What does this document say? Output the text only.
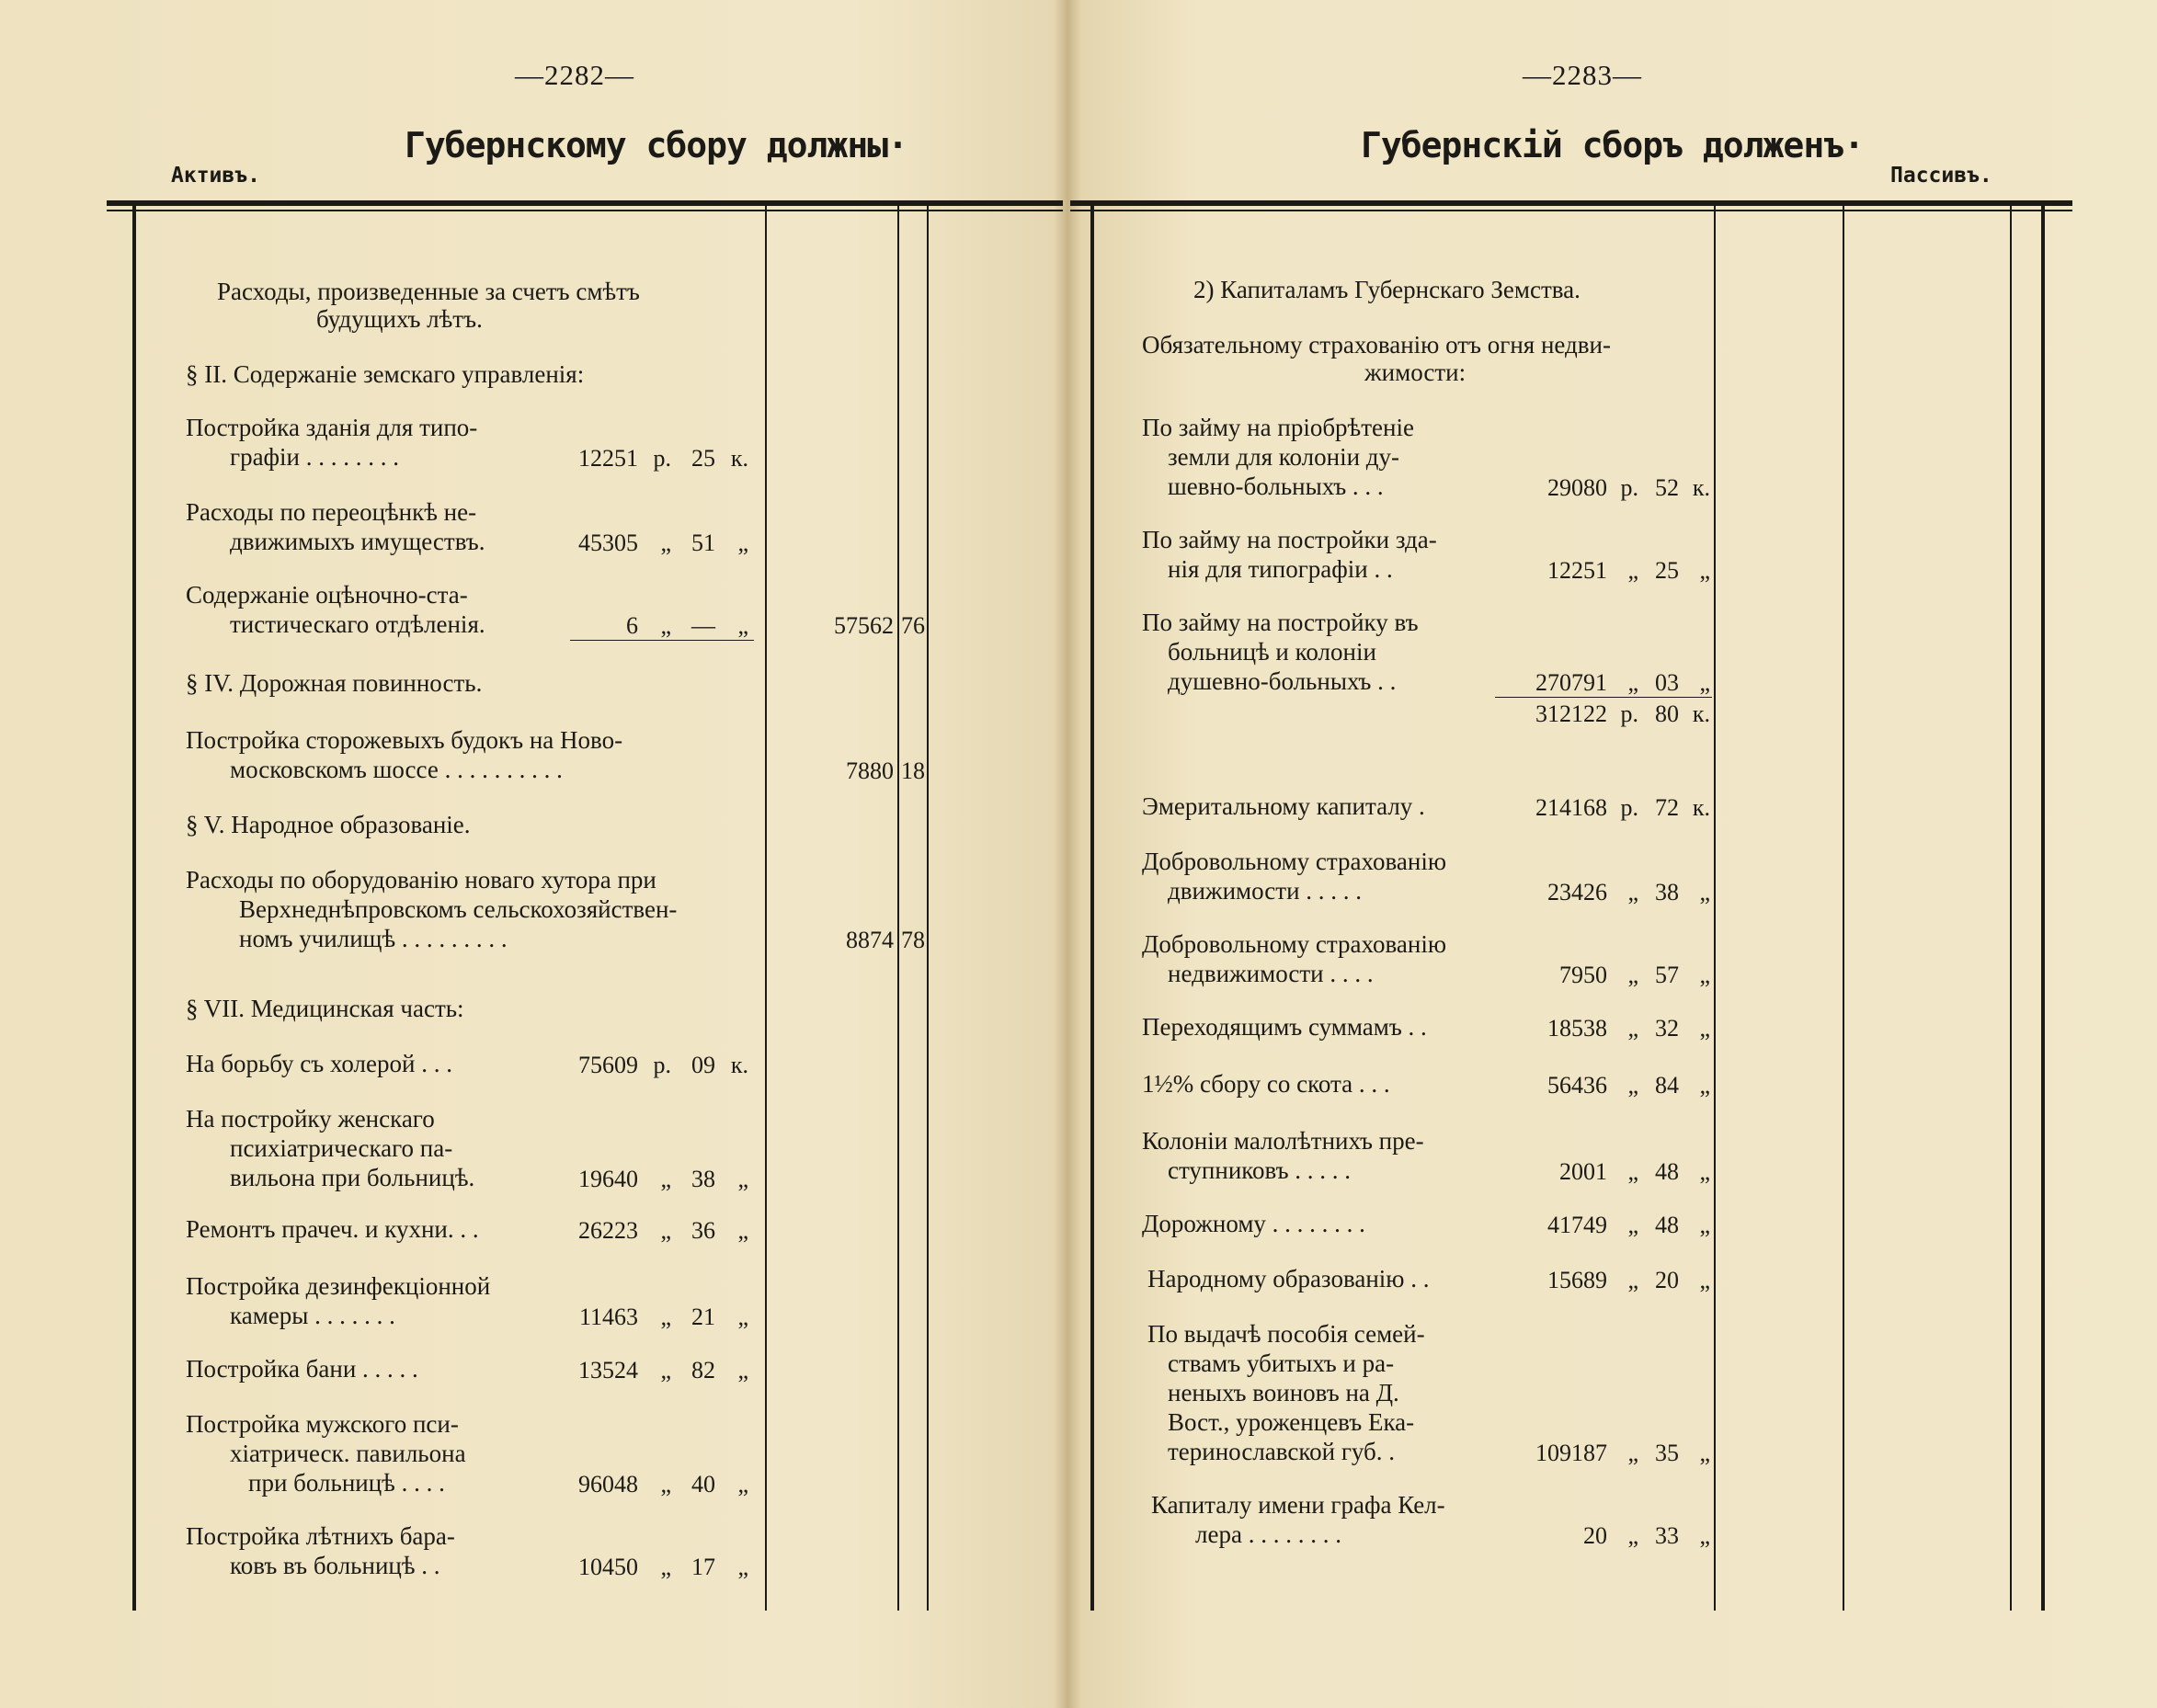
—2282—
Губернскому сбору должны·
Активъ.
Расходы, произведенные за счетъ смѣтъ
будущихъ лѣтъ.
§ II. Содержаніе земскаго управленія:
Постройка зданія для типо-
графіи . . . . . . . .	12251 р. 25 к.
Расходы по переоцѣнкѣ не-
движимыхъ имуществъ.	45305 „ 51 „
Содержаніе оцѣночно-ста-
тистическаго отдѣленія.	6 „ — „	57562 76
§ IV. Дорожная повинность.
Постройка сторожевыхъ будокъ на Ново-
московскомъ шоссе . . . . . . . . . .	7880 18
§ V. Народное образованіе.
Расходы по оборудованію новаго хутора при
Верхнеднѣпровскомъ сельскохозяйствен-
номъ училищѣ . . . . . . . . .	8874 78
§ VII. Медицинская часть:
На борьбу съ холерой . . .	75609 р. 09 к.
На постройку женскаго
психіатрическаго па-
вильона при больницѣ.	19640 „ 38 „
Ремонтъ прачеч. и кухни. . .	26223 „ 36 „
Постройка дезинфекціонной
камеры . . . . . . .	11463 „ 21 „
Постройка бани . . . . .	13524 „ 82 „
Постройка мужского пси-
хіатрическ. павильона
при больницѣ . . . .	96048 „ 40 „
Постройка лѣтнихъ бара-
ковъ въ больницѣ . .	10450 „ 17 „
—2283—
Губернскій сборъ долженъ·
Пассивъ.
2) Капиталамъ Губернскаго Земства.
Обязательному страхованію отъ огня недви-
жимости:
По займу на пріобрѣтеніе
земли для колоніи ду-
шевно-больныхъ . . .	29080 р. 52 к.
По займу на постройки зда-
нія для типографіи . .	12251 „ 25 „
По займу на постройку въ
больницѣ и колоніи
душевно-больныхъ . .	270791 „ 03 „
312122 р. 80 к.
Эмеритальному капиталу .	214168 р. 72 к.
Добровольному страхованію
движимости . . . . .	23426 „ 38 „
Добровольному страхованію
недвижимости . . . .	7950 „ 57 „
Переходящимъ суммамъ . .	18538 „ 32 „
1½% сбору со скота . . .	56436 „ 84 „
Колоніи малолѣтнихъ пре-
ступниковъ . . . . .	2001 „ 48 „
Дорожному . . . . . . . .	41749 „ 48 „
Народному образованію . .	15689 „ 20 „
По выдачѣ пособія семей-
ствамъ убитыхъ и ра-
неныхъ воиновъ на Д.
Вост., уроженцевъ Ека-
теринославской губ. .	109187 „ 35 „
Капиталу имени графа Кел-
лера . . . . . . . .	20 „ 33 „
